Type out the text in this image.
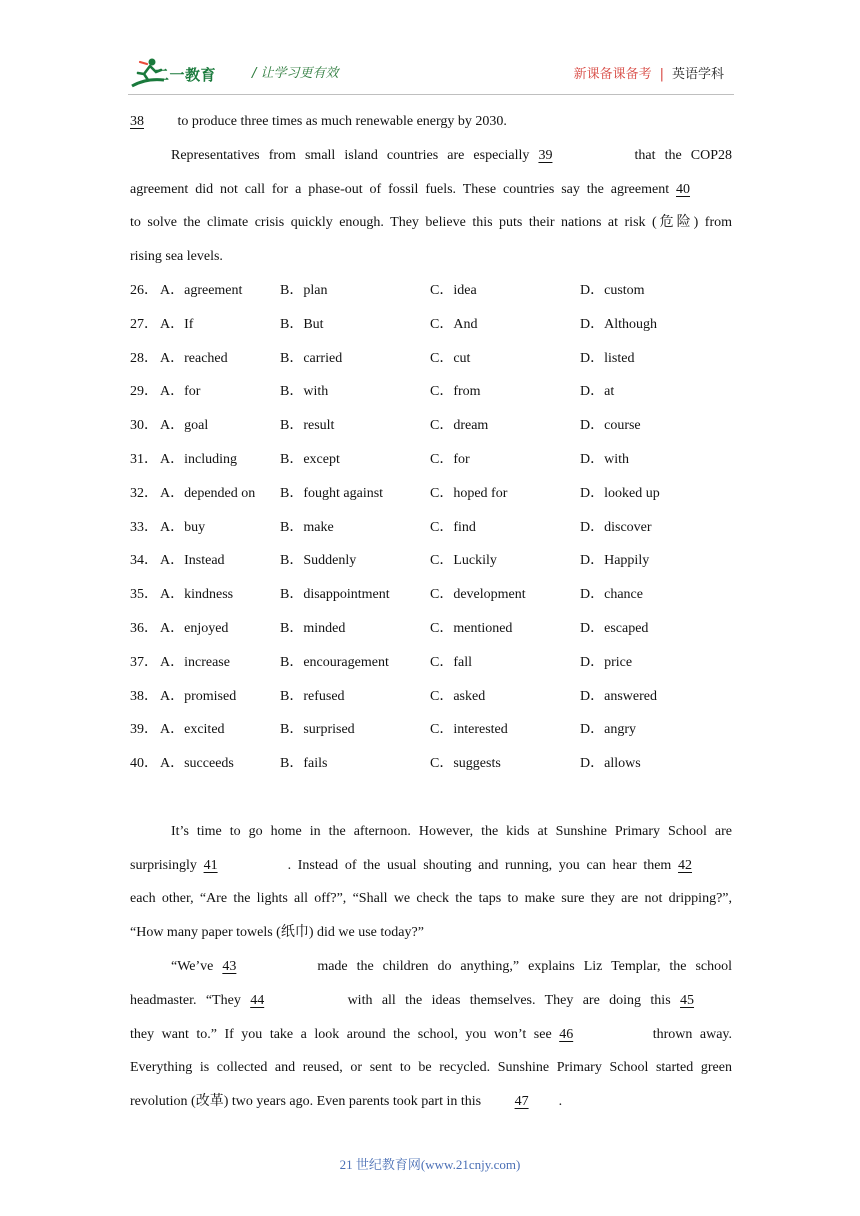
二一教育	/ 让学习更有效	新课备课备考 | 英语学科
38 to produce three times as much renewable energy by 2030.
Representatives from small island countries are especially 39	that the COP28
agreement did not call for a phase-out of fossil fuels. These countries say the agreement 40
to solve the climate crisis quickly enough. They believe this puts their nations at risk (危险) from
rising sea levels.
26． A．agreement	B．plan	C．idea	D．custom
27． A．If	B．But	C．And	D．Although
28． A．reached	B．carried	C．cut	D．listed
29． A．for	B．with	C．from	D．at
30． A．goal	B．result	C．dream	D．course
31． A．including	B．except	C．for	D．with
32． A．depended on	B．fought against	C．hoped for	D．looked up
33． A．buy	B．make	C．find	D．discover
34． A．Instead	B．Suddenly	C．Luckily	D．Happily
35． A．kindness	B．disappointment	C．development	D．chance
36． A．enjoyed	B．minded	C．mentioned	D．escaped
37． A．increase	B．encouragement	C．fall	D．price
38． A．promised	B．refused	C．asked	D．answered
39． A．excited	B．surprised	C．interested	D．angry
40． A．succeeds	B．fails	C．suggests	D．allows
It’s time to go home in the afternoon. However, the kids at Sunshine Primary School are
surprisingly 41	. Instead of the usual shouting and running, you can hear them 42
each other, “Are the lights all off?”, “Shall we check the taps to make sure they are not dripping?”,
“How many paper towels (纸巾) did we use today?”
“We’ve 43	made the children do anything,” explains Liz Templar, the school
headmaster. “They 44	with all the ideas themselves. They are doing this 45
they want to.” If you take a look around the school, you won’t see 46	thrown away.
Everything is collected and reused, or sent to be recycled. Sunshine Primary School started green
revolution (改革) two years ago. Even parents took part in this 47 .
21 世纪教育网(www.21cnjy.com)
